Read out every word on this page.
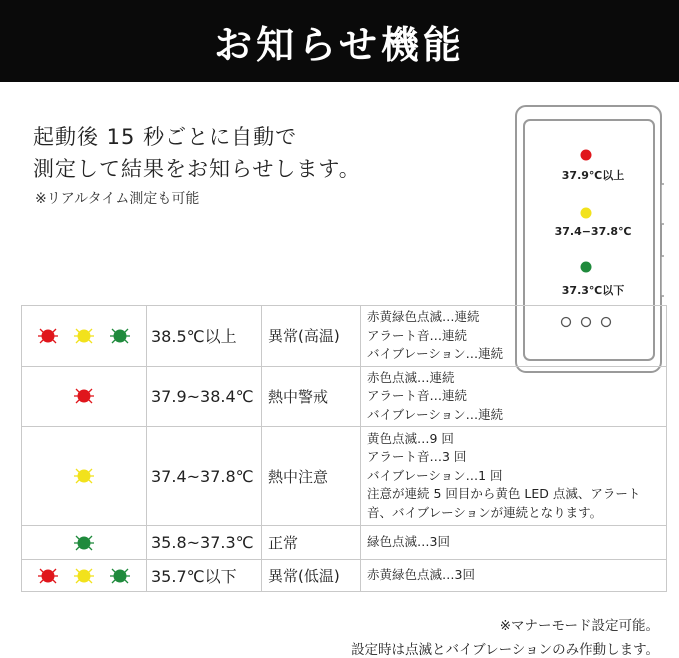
お知らせ機能
起動後 15 秒ごとに自動で
測定して結果をお知らせします。
※リアルタイム測定も可能
37.9℃以上
37.4−37.8℃
37.3℃以下
	38.5℃以上	異常(高温)	赤黄緑色点滅…連続
アラート音…連続
バイブレーション…連続

	37.9~38.4℃	熱中警戒	赤色点滅…連続
アラート音…連続
バイブレーション…連続

	37.4~37.8℃	熱中注意	黄色点滅…9 回
アラート音…3 回
バイブレーション…1 回
注意が連続 5 回目から黄色 LED 点滅、アラート音、バイブレーションが連続となります。

	35.8~37.3℃	正常	緑色点滅…3回

	35.7℃以下	異常(低温)	赤黄緑色点滅…3回
※マナーモード設定可能。
設定時は点滅とバイブレーションのみ作動します。
